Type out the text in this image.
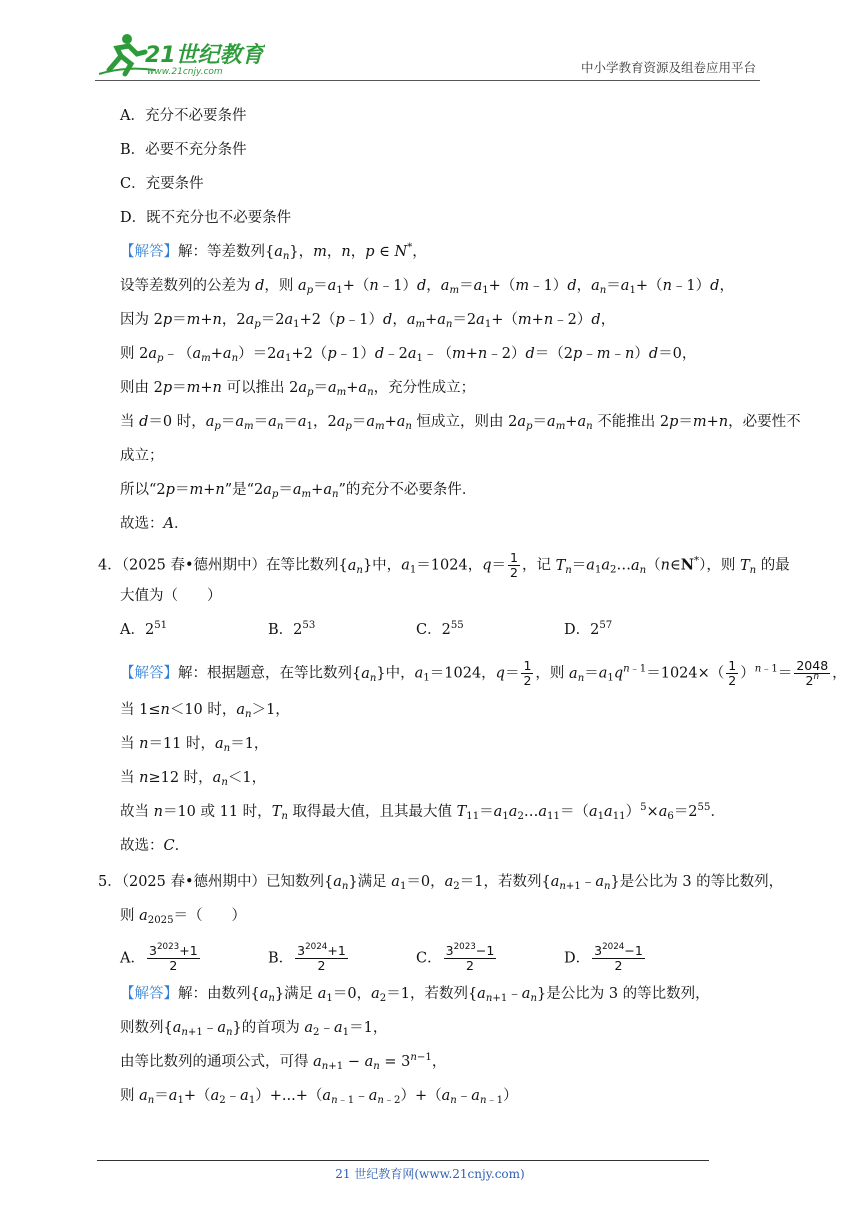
21世纪教育
www.21cnjy.com	中小学教育资源及组卷应用平台
A．充分不必要条件
B．必要不充分条件
C．充要条件
D．既不充分也不必要条件
【解答】解：等差数列$\{a_n\}$，m，n，p ∈ N*，
设等差数列的公差为 d，则 $a_p=a_1+(n﹣1)d$，$a_m=a_1+(m﹣1)d$，$a_n=a_1+(n﹣1)d$，
因为 2p＝m+n，$2a_p=2a_1+2(p﹣1)d$，$a_m+a_n=2a_1+(m+n﹣2)d$，
则 $2a_p﹣(a_m+a_n)=2a_1+2(p﹣1)d﹣2a_1﹣(m+n﹣2)d=(2p﹣m﹣n)d=0$，
则由 2p＝m+n 可以推出 $2a_p=a_m+a_n$，充分性成立；
当 d＝0 时，$a_p=a_m=a_n=a_1$，$2a_p=a_m+a_n$ 恒成立，则由 $2a_p=a_m+a_n$ 不能推出 2p＝m+n，必要性不
成立；
所以“2p＝m+n”是“$2a_p=a_m+a_n$”的充分不必要条件．
故选：A．
4．（2025 春•德州期中）在等比数列$\{a_n\}$中，$a_1=1024$，$q= \frac{1}{2}$ ，记 $T_n=a_1a_2\dots a_n(n\in N^*)$，则 $T_n$ 的最
大值为（　　）
A．$2^{51}$	B．$2^{53}$	C．$2^{55}$	D．$2^{57}$
【解答】解：根据题意，在等比数列$\{a_n\}$中，$a_1=1024$，$q= \frac{1}{2}$ ，则 $a_n=a_1q^{n﹣1}=1024\times( \frac{1}{2} )^{n﹣1}= \frac{2048}{2^n}$ ，
当 1≤n＜10 时，$a_n>1$，
当 n＝11 时，$a_n=1$，
当 n≥12 时，$a_n<1$，
故当 n＝10 或 11 时，$T_n$ 取得最大值，且其最大值 $T_{11}=a_1a_2\dots a_{11}=(a_1a_{11})^5\times a_6=2^{55}$．
故选：C．
5．（2025 春•德州期中）已知数列$\{a_n\}$满足 $a_1=0$，$a_2=1$，若数列$\{a_{n+1}﹣a_n\}$是公比为 3 的等比数列，
则 $a_{2025}=$（　　）
A． $\frac{3^{2023}+1}{2}$	B． $\frac{3^{2024}+1}{2}$	C． $\frac{3^{2023}-1}{2}$	D． $\frac{3^{2024}-1}{2}$
【解答】解：由数列$\{a_n\}$满足 $a_1=0$，$a_2=1$，若数列$\{a_{n+1}﹣a_n\}$是公比为 3 的等比数列，
则数列$\{a_{n+1}﹣a_n\}$的首项为 $a_2﹣a_1=1$，
由等比数列的通项公式，可得 $a_{n+1} - a_n = 3^{n-1}$，
则 $a_n=a_1+(a_2﹣a_1)+...+(a_{n﹣1}﹣a_{n﹣2})+(a_n﹣a_{n﹣1})$
21 世纪教育网(www.21cnjy.com)
